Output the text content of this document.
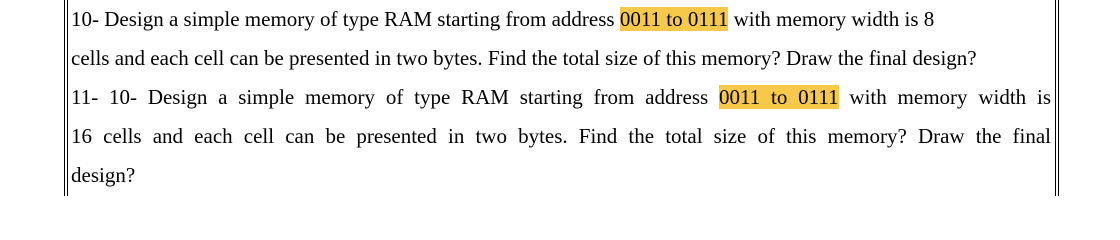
10- Design a simple memory of type RAM starting from address 0011 to 0111 with memory width is 8
cells and each cell can be presented in two bytes. Find the total size of this memory? Draw the final design?
11- 10- Design a simple memory of type RAM starting from address 0011 to 0111 with memory width is
16 cells and each cell can be presented in two bytes. Find the total size of this memory? Draw the final
design?
